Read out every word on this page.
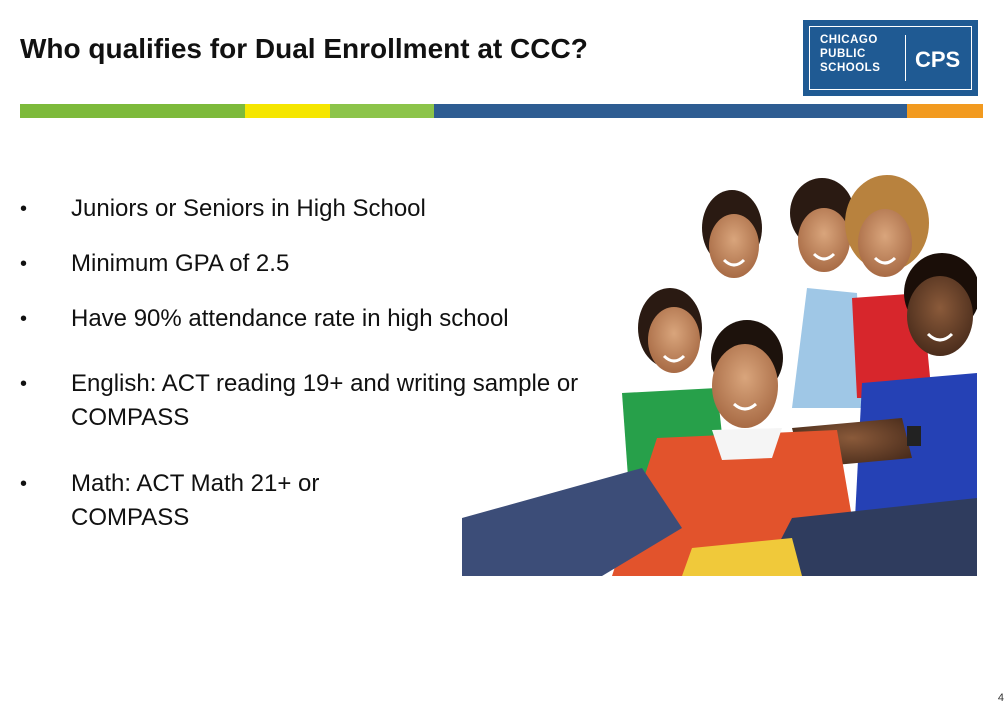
Who qualifies for Dual Enrollment at CCC?	CHICAGO
PUBLIC
SCHOOLS CPS
• Juniors or Seniors in High School
• Minimum GPA of 2.5
• Have 90% attendance rate in high school
• English: ACT reading 19+ and writing sample or COMPASS
• Math: ACT Math 21+ or COMPASS
4
